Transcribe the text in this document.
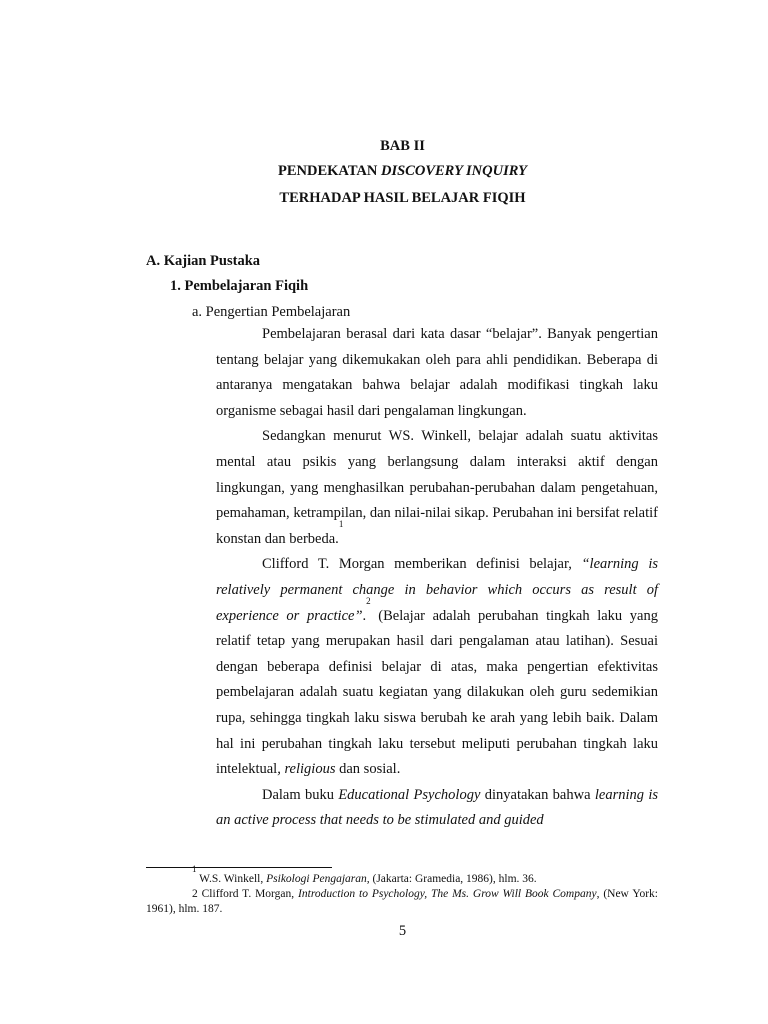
BAB II
PENDEKATAN DISCOVERY INQUIRY
TERHADAP HASIL BELAJAR FIQIH
A. Kajian Pustaka
1. Pembelajaran Fiqih
a. Pengertian Pembelajaran

Pembelajaran berasal dari kata dasar “belajar”. Banyak pengertian tentang belajar yang dikemukakan oleh para ahli pendidikan. Beberapa di antaranya mengatakan bahwa belajar adalah modifikasi tingkah laku organisme sebagai hasil dari pengalaman lingkungan.

Sedangkan menurut WS. Winkell, belajar adalah suatu aktivitas mental atau psikis yang berlangsung dalam interaksi aktif dengan lingkungan, yang menghasilkan perubahan-perubahan dalam pengetahuan, pemahaman, ketrampilan, dan nilai-nilai sikap. Perubahan ini bersifat relatif konstan dan berbeda.$^1$

Clifford T. Morgan memberikan definisi belajar, “learning is relatively permanent change in behavior which occurs as result of experience or practice”.$^2$ (Belajar adalah perubahan tingkah laku yang relatif tetap yang merupakan hasil dari pengalaman atau latihan). Sesuai dengan beberapa definisi belajar di atas, maka pengertian efektivitas pembelajaran adalah suatu kegiatan yang dilakukan oleh guru sedemikian rupa, sehingga tingkah laku siswa berubah ke arah yang lebih baik. Dalam hal ini perubahan tingkah laku tersebut meliputi perubahan tingkah laku intelektual, religious dan sosial.

Dalam buku Educational Psychology dinyatakan bahwa learning is an active process that needs to be stimulated and guided

$^1$ W.S. Winkell, Psikologi Pengajaran, (Jakarta: Gramedia, 1986), hlm. 36.
2 Clifford T. Morgan, Introduction to Psychology, The Ms. Grow Will Book Company, (New York: 1961), hlm. 187.
5
